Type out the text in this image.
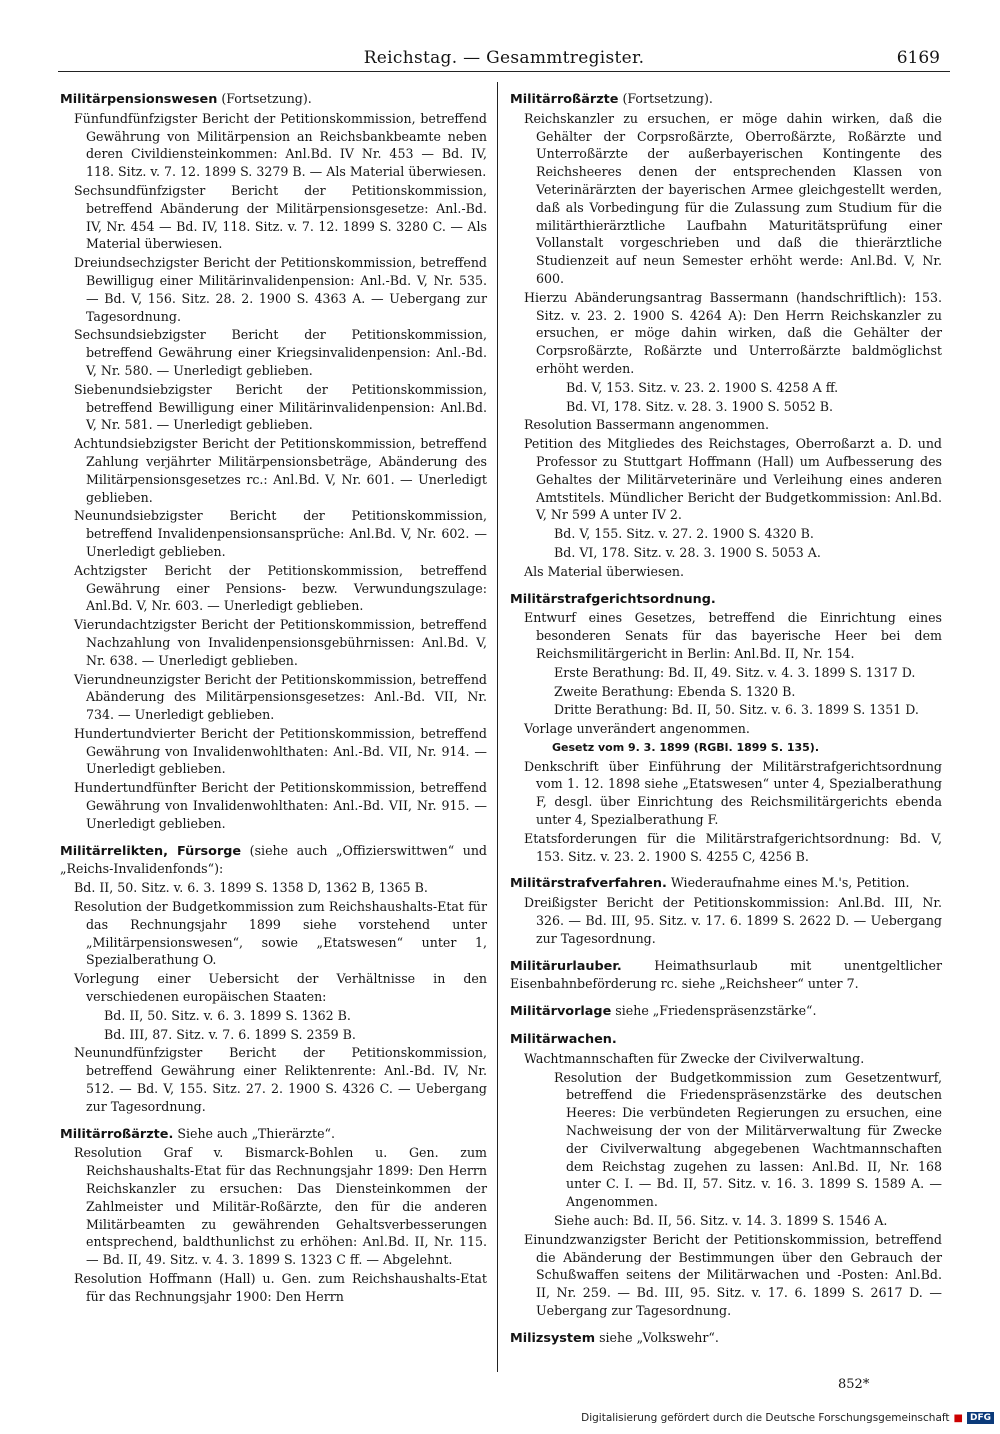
Reichstag. — Gesammtregister.	6169
Militärpensionswesen (Fortsetzung).
Fünfundfünfzigster Bericht der Petitionskommission, betreffend Gewährung von Militärpension an Reichsbankbeamte neben deren Civildiensteinkommen: Anl.Bd. IV Nr. 453 — Bd. IV, 118. Sitz. v. 7. 12. 1899 S. 3279 B. — Als Material überwiesen.
Sechsundfünfzigster Bericht der Petitionskommission, betreffend Abänderung der Militärpensionsgesetze: Anl.-Bd. IV, Nr. 454 — Bd. IV, 118. Sitz. v. 7. 12. 1899 S. 3280 C. — Als Material überwiesen.
Dreiundsechzigster Bericht der Petitionskommission, betreffend Bewilligug einer Militärinvalidenpension: Anl.-Bd. V, Nr. 535. — Bd. V, 156. Sitz. 28. 2. 1900 S. 4363 A. — Uebergang zur Tagesordnung.
Sechsundsiebzigster Bericht der Petitionskommission, betreffend Gewährung einer Kriegsinvalidenpension: Anl.-Bd. V, Nr. 580. — Unerledigt geblieben.
Siebenundsiebzigster Bericht der Petitionskommission, betreffend Bewilligung einer Militärinvalidenpension: Anl.Bd. V, Nr. 581. — Unerledigt geblieben.
Achtundsiebzigster Bericht der Petitionskommission, betreffend Zahlung verjährter Militärpensionsbeträge, Abänderung des Militärpensionsgesetzes rc.: Anl.Bd. V, Nr. 601. — Unerledigt geblieben.
Neunundsiebzigster Bericht der Petitionskommission, betreffend Invalidenpensionsansprüche: Anl.Bd. V, Nr. 602. — Unerledigt geblieben.
Achtzigster Bericht der Petitionskommission, betreffend Gewährung einer Pensions- bezw. Verwundungszulage: Anl.Bd. V, Nr. 603. — Unerledigt geblieben.
Vierundachtzigster Bericht der Petitionskommission, betreffend Nachzahlung von Invalidenpensionsgebührnissen: Anl.Bd. V, Nr. 638. — Unerledigt geblieben.
Vierundneunzigster Bericht der Petitionskommission, betreffend Abänderung des Militärpensionsgesetzes: Anl.-Bd. VII, Nr. 734. — Unerledigt geblieben.
Hundertundvierter Bericht der Petitionskommission, betreffend Gewährung von Invalidenwohlthaten: Anl.-Bd. VII, Nr. 914. — Unerledigt geblieben.
Hundertundfünfter Bericht der Petitionskommission, betreffend Gewährung von Invalidenwohlthaten: Anl.-Bd. VII, Nr. 915. — Unerledigt geblieben.
Militärrelikten, Fürsorge (siehe auch „Offizierswittwen“ und „Reichs-Invalidenfonds“):
Bd. II, 50. Sitz. v. 6. 3. 1899 S. 1358 D, 1362 B, 1365 B.
Resolution der Budgetkommission zum Reichshaushalts-Etat für das Rechnungsjahr 1899 siehe vorstehend unter „Militärpensionswesen“, sowie „Etatswesen“ unter 1, Spezialberathung O.
Vorlegung einer Uebersicht der Verhältnisse in den verschiedenen europäischen Staaten:
Bd. II, 50. Sitz. v. 6. 3. 1899 S. 1362 B.
Bd. III, 87. Sitz. v. 7. 6. 1899 S. 2359 B.
Neunundfünfzigster Bericht der Petitionskommission, betreffend Gewährung einer Reliktenrente: Anl.-Bd. IV, Nr. 512. — Bd. V, 155. Sitz. 27. 2. 1900 S. 4326 C. — Uebergang zur Tagesordnung.
Militärroßärzte. Siehe auch „Thierärzte“.
Resolution Graf v. Bismarck-Bohlen u. Gen. zum Reichshaushalts-Etat für das Rechnungsjahr 1899: Den Herrn Reichskanzler zu ersuchen: Das Diensteinkommen der Zahlmeister und Militär-Roßärzte, den für die anderen Militärbeamten zu gewährenden Gehaltsverbesserungen entsprechend, baldthunlichst zu erhöhen: Anl.Bd. II, Nr. 115. — Bd. II, 49. Sitz. v. 4. 3. 1899 S. 1323 C ff. — Abgelehnt.
Resolution Hoffmann (Hall) u. Gen. zum Reichshaushalts-Etat für das Rechnungsjahr 1900: Den Herrn
Militärroßärzte (Fortsetzung).
Reichskanzler zu ersuchen, er möge dahin wirken, daß die Gehälter der Corpsroßärzte, Oberroßärzte, Roßärzte und Unterroßärzte der außerbayerischen Kontingente des Reichsheeres denen der entsprechenden Klassen von Veterinärärzten der bayerischen Armee gleichgestellt werden, daß als Vorbedingung für die Zulassung zum Studium für die militärthierärztliche Laufbahn Maturitätsprüfung einer Vollanstalt vorgeschrieben und daß die thierärztliche Studienzeit auf neun Semester erhöht werde: Anl.Bd. V, Nr. 600.
Hierzu Abänderungsantrag Bassermann (handschriftlich): 153. Sitz. v. 23. 2. 1900 S. 4264 A): Den Herrn Reichskanzler zu ersuchen, er möge dahin wirken, daß die Gehälter der Corpsroßärzte, Roßärzte und Unterroßärzte baldmöglichst erhöht werden.
Bd. V, 153. Sitz. v. 23. 2. 1900 S. 4258 A ff.
Bd. VI, 178. Sitz. v. 28. 3. 1900 S. 5052 B.
Resolution Bassermann angenommen.
Petition des Mitgliedes des Reichstages, Oberroßarzt a. D. und Professor zu Stuttgart Hoffmann (Hall) um Aufbesserung des Gehaltes der Militärveterinäre und Verleihung eines anderen Amtstitels. Mündlicher Bericht der Budgetkommission: Anl.Bd. V, Nr 599 A unter IV 2.
Bd. V, 155. Sitz. v. 27. 2. 1900 S. 4320 B.
Bd. VI, 178. Sitz. v. 28. 3. 1900 S. 5053 A.
Als Material überwiesen.
Militärstrafgerichtsordnung.
Entwurf eines Gesetzes, betreffend die Einrichtung eines besonderen Senats für das bayerische Heer bei dem Reichsmilitärgericht in Berlin: Anl.Bd. II, Nr. 154.
Erste Berathung: Bd. II, 49. Sitz. v. 4. 3. 1899 S. 1317 D.
Zweite Berathung: Ebenda S. 1320 B.
Dritte Berathung: Bd. II, 50. Sitz. v. 6. 3. 1899 S. 1351 D.
Vorlage unverändert angenommen.
Gesetz vom 9. 3. 1899 (RGBl. 1899 S. 135).
Denkschrift über Einführung der Militärstrafgerichtsordnung vom 1. 12. 1898 siehe „Etatswesen“ unter 4, Spezialberathung F, desgl. über Einrichtung des Reichsmilitärgerichts ebenda unter 4, Spezialberathung F.
Etatsforderungen für die Militärstrafgerichtsordnung: Bd. V, 153. Sitz. v. 23. 2. 1900 S. 4255 C, 4256 B.
Militärstrafverfahren. Wiederaufnahme eines M.'s, Petition.
Dreißigster Bericht der Petitionskommission: Anl.Bd. III, Nr. 326. — Bd. III, 95. Sitz. v. 17. 6. 1899 S. 2622 D. — Uebergang zur Tagesordnung.
Militärurlauber. Heimathsurlaub mit unentgeltlicher Eisenbahnbeförderung rc. siehe „Reichsheer“ unter 7.
Militärvorlage siehe „Friedenspräsenzstärke“.
Militärwachen.
Wachtmannschaften für Zwecke der Civilverwaltung.
Resolution der Budgetkommission zum Gesetzentwurf, betreffend die Friedenspräsenzstärke des deutschen Heeres: Die verbündeten Regierungen zu ersuchen, eine Nachweisung der von der Militärverwaltung für Zwecke der Civilverwaltung abgegebenen Wachtmannschaften dem Reichstag zugehen zu lassen: Anl.Bd. II, Nr. 168 unter C. I. — Bd. II, 57. Sitz. v. 16. 3. 1899 S. 1589 A. — Angenommen.
Siehe auch: Bd. II, 56. Sitz. v. 14. 3. 1899 S. 1546 A.
Einundzwanzigster Bericht der Petitionskommission, betreffend die Abänderung der Bestimmungen über den Gebrauch der Schußwaffen seitens der Militärwachen und -Posten: Anl.Bd. II, Nr. 259. — Bd. III, 95. Sitz. v. 17. 6. 1899 S. 2617 D. — Uebergang zur Tagesordnung.
Milizsystem siehe „Volkswehr“.
852*
Digitalisierung gefördert durch die Deutsche Forschungsgemeinschaft ■ DFG
